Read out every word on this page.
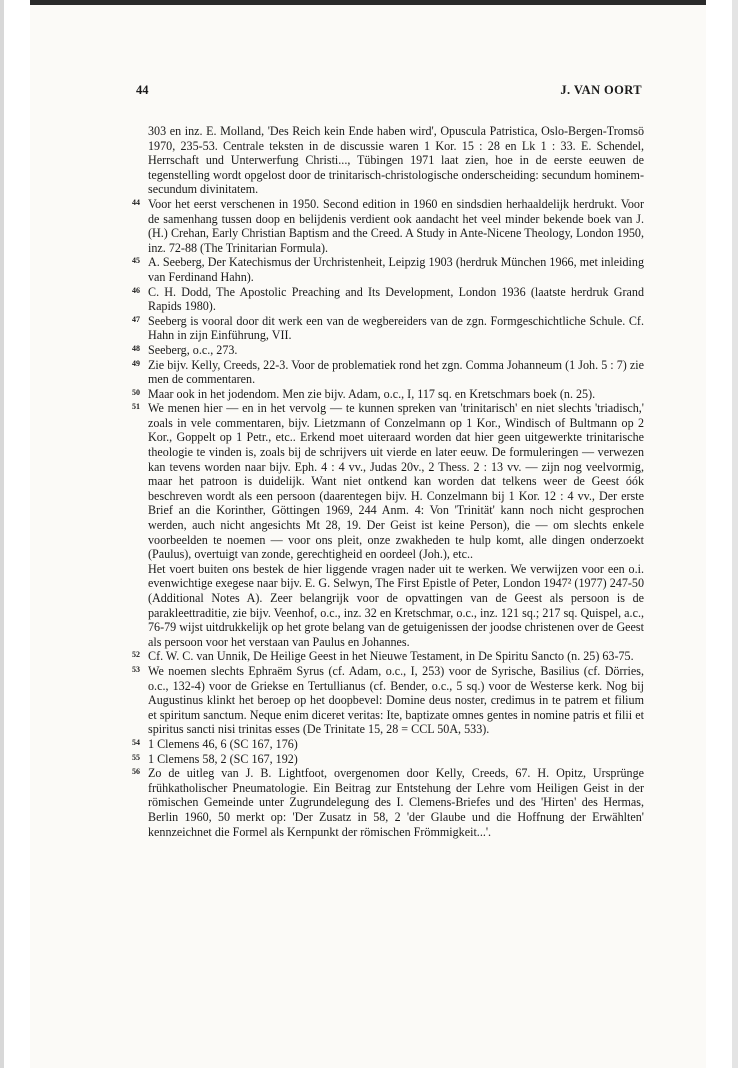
44	J. VAN OORT

303 en inz. E. Molland, 'Des Reich kein Ende haben wird', Opuscula Patristica, Oslo-Bergen-Tromsö 1970, 235-53. Centrale teksten in de discussie waren 1 Kor. 15 : 28 en Lk 1 : 33. E. Schendel, Herrschaft und Unterwerfung Christi..., Tübingen 1971 laat zien, hoe in de eerste eeuwen de tegenstelling wordt opgelost door de trinitarisch-christologische onderscheiding: secundum hominem-secundum divinitatem.

44 Voor het eerst verschenen in 1950. Second edition in 1960 en sindsdien herhaaldelijk herdrukt. Voor de samenhang tussen doop en belijdenis verdient ook aandacht het veel minder bekende boek van J. (H.) Crehan, Early Christian Baptism and the Creed. A Study in Ante-Nicene Theology, London 1950, inz. 72-88 (The Trinitarian Formula).

45 A. Seeberg, Der Katechismus der Urchristenheit, Leipzig 1903 (herdruk München 1966, met inleiding van Ferdinand Hahn).

46 C. H. Dodd, The Apostolic Preaching and Its Development, London 1936 (laatste herdruk Grand Rapids 1980).

47 Seeberg is vooral door dit werk een van de wegbereiders van de zgn. Formgeschichtliche Schule. Cf. Hahn in zijn Einführung, VII.

48 Seeberg, o.c., 273.

49 Zie bijv. Kelly, Creeds, 22-3. Voor de problematiek rond het zgn. Comma Johanneum (1 Joh. 5 : 7) zie men de commentaren.

50 Maar ook in het jodendom. Men zie bijv. Adam, o.c., I, 117 sq. en Kretschmars boek (n. 25).

51 We menen hier — en in het vervolg — te kunnen spreken van 'trinitarisch' en niet slechts 'triadisch,' zoals in vele commentaren, bijv. Lietzmann of Conzelmann op 1 Kor., Windisch of Bultmann op 2 Kor., Goppelt op 1 Petr., etc.. Erkend moet uiteraard worden dat hier geen uitgewerkte trinitarische theologie te vinden is, zoals bij de schrijvers uit vierde en later eeuw. De formuleringen — verwezen kan tevens worden naar bijv. Eph. 4 : 4 vv., Judas 20v., 2 Thess. 2 : 13 vv. — zijn nog veelvormig, maar het patroon is duidelijk. Want niet ontkend kan worden dat telkens weer de Geest óók beschreven wordt als een persoon (daarentegen bijv. H. Conzelmann bij 1 Kor. 12 : 4 vv., Der erste Brief an die Korinther, Göttingen 1969, 244 Anm. 4: Von 'Trinität' kann noch nicht gesprochen werden, auch nicht angesichts Mt 28, 19. Der Geist ist keine Person), die — om slechts enkele voorbeelden te noemen — voor ons pleit, onze zwakheden te hulp komt, alle dingen onderzoekt (Paulus), overtuigt van zonde, gerechtigheid en oordeel (Joh.), etc..

Het voert buiten ons bestek de hier liggende vragen nader uit te werken. We verwijzen voor een o.i. evenwichtige exegese naar bijv. E. G. Selwyn, The First Epistle of Peter, London 1947² (1977) 247-50 (Additional Notes A). Zeer belangrijk voor de opvattingen van de Geest als persoon is de parakleettraditie, zie bijv. Veenhof, o.c., inz. 32 en Kretschmar, o.c., inz. 121 sq.; 217 sq. Quispel, a.c., 76-79 wijst uitdrukkelijk op het grote belang van de getuigenissen der joodse christenen over de Geest als persoon voor het verstaan van Paulus en Johannes.

52 Cf. W. C. van Unnik, De Heilige Geest in het Nieuwe Testament, in De Spiritu Sancto (n. 25) 63-75.

53 We noemen slechts Ephraëm Syrus (cf. Adam, o.c., I, 253) voor de Syrische, Basilius (cf. Dörries, o.c., 132-4) voor de Griekse en Tertullianus (cf. Bender, o.c., 5 sq.) voor de Westerse kerk. Nog bij Augustinus klinkt het beroep op het doopbevel: Domine deus noster, credimus in te patrem et filium et spiritum sanctum. Neque enim diceret veritas: Ite, baptizate omnes gentes in nomine patris et filii et spiritus sancti nisi trinitas esses (De Trinitate 15, 28 = CCL 50A, 533).

54 1 Clemens 46, 6 (SC 167, 176)

55 1 Clemens 58, 2 (SC 167, 192)

56 Zo de uitleg van J. B. Lightfoot, overgenomen door Kelly, Creeds, 67. H. Opitz, Ursprünge frühkatholischer Pneumatologie. Ein Beitrag zur Entstehung der Lehre vom Heiligen Geist in der römischen Gemeinde unter Zugrundelegung des I. Clemens-Briefes und des 'Hirten' des Hermas, Berlin 1960, 50 merkt op: 'Der Zusatz in 58, 2 'der Glaube und die Hoffnung der Erwählten' kennzeichnet die Formel als Kernpunkt der römischen Frömmigkeit...'.
